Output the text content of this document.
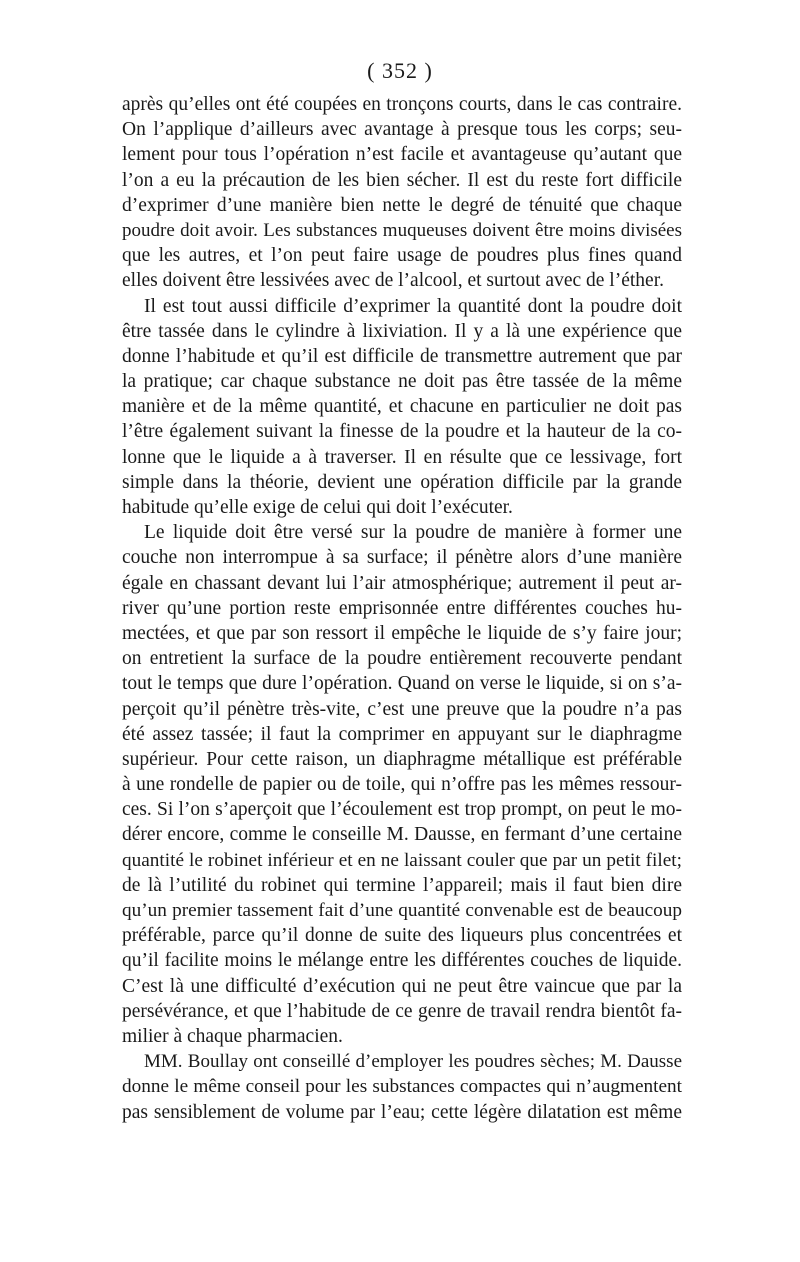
( 352 )
après qu’elles ont été coupées en tronçons courts, dans le cas contraire.
On l’applique d’ailleurs avec avantage à presque tous les corps; seu-
lement pour tous l’opération n’est facile et avantageuse qu’autant que
l’on a eu la précaution de les bien sécher. Il est du reste fort difficile
d’exprimer d’une manière bien nette le degré de ténuité que chaque
poudre doit avoir. Les substances muqueuses doivent être moins divisées
que les autres, et l’on peut faire usage de poudres plus fines quand
elles doivent être lessivées avec de l’alcool, et surtout avec de l’éther.
Il est tout aussi difficile d’exprimer la quantité dont la poudre doit
être tassée dans le cylindre à lixiviation. Il y a là une expérience que
donne l’habitude et qu’il est difficile de transmettre autrement que par
la pratique; car chaque substance ne doit pas être tassée de la même
manière et de la même quantité, et chacune en particulier ne doit pas
l’être également suivant la finesse de la poudre et la hauteur de la co-
lonne que le liquide a à traverser. Il en résulte que ce lessivage, fort
simple dans la théorie, devient une opération difficile par la grande
habitude qu’elle exige de celui qui doit l’exécuter.
Le liquide doit être versé sur la poudre de manière à former une
couche non interrompue à sa surface; il pénètre alors d’une manière
égale en chassant devant lui l’air atmosphérique; autrement il peut ar-
river qu’une portion reste emprisonnée entre différentes couches hu-
mectées, et que par son ressort il empêche le liquide de s’y faire jour;
on entretient la surface de la poudre entièrement recouverte pendant
tout le temps que dure l’opération. Quand on verse le liquide, si on s’a-
perçoit qu’il pénètre très-vite, c’est une preuve que la poudre n’a pas
été assez tassée; il faut la comprimer en appuyant sur le diaphragme
supérieur. Pour cette raison, un diaphragme métallique est préférable
à une rondelle de papier ou de toile, qui n’offre pas les mêmes ressour-
ces. Si l’on s’aperçoit que l’écoulement est trop prompt, on peut le mo-
dérer encore, comme le conseille M. Dausse, en fermant d’une certaine
quantité le robinet inférieur et en ne laissant couler que par un petit filet;
de là l’utilité du robinet qui termine l’appareil; mais il faut bien dire
qu’un premier tassement fait d’une quantité convenable est de beaucoup
préférable, parce qu’il donne de suite des liqueurs plus concentrées et
qu’il facilite moins le mélange entre les différentes couches de liquide.
C’est là une difficulté d’exécution qui ne peut être vaincue que par la
persévérance, et que l’habitude de ce genre de travail rendra bientôt fa-
milier à chaque pharmacien.
MM. Boullay ont conseillé d’employer les poudres sèches; M. Dausse
donne le même conseil pour les substances compactes qui n’augmentent
pas sensiblement de volume par l’eau; cette légère dilatation est même
